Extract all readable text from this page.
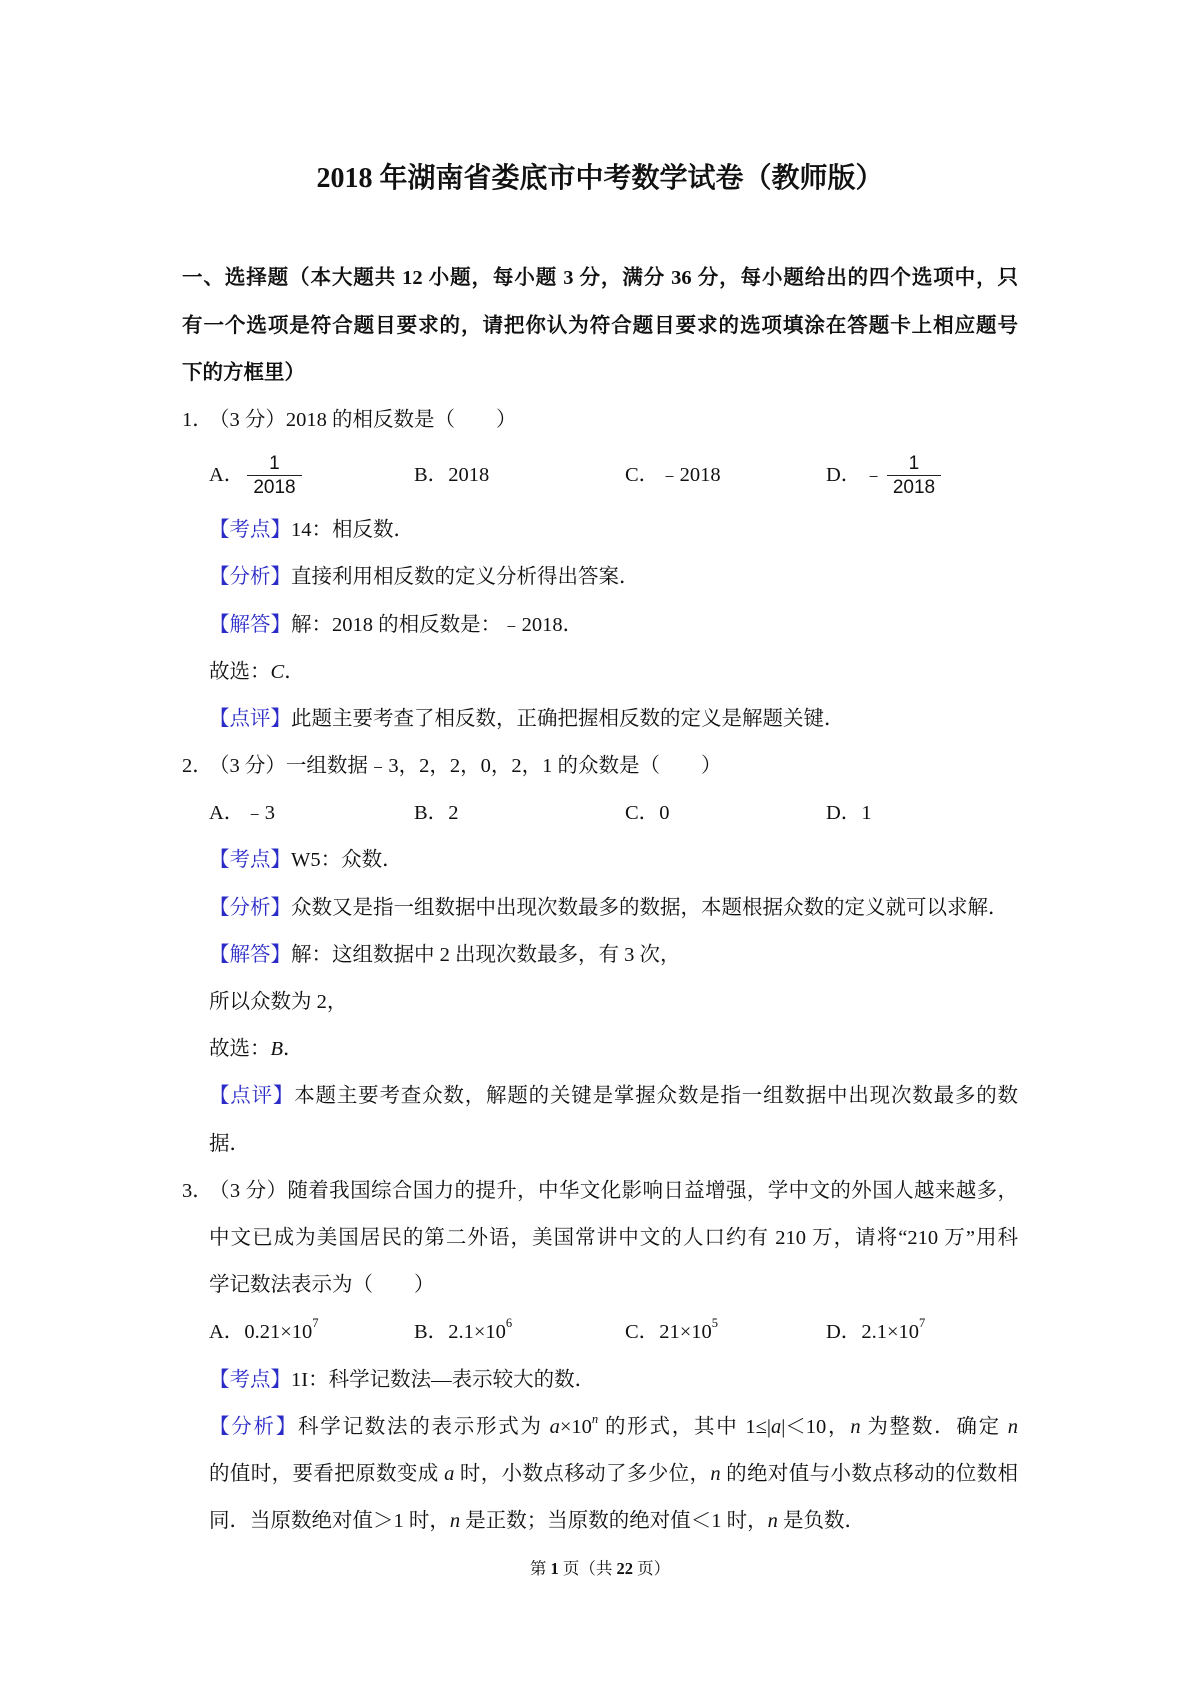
2018 年湖南省娄底市中考数学试卷（教师版）
一、选择题（本大题共 12 小题，每小题 3 分，满分 36 分，每小题给出的四个选项中，只
有一个选项是符合题目要求的，请把你认为符合题目要求的选项填涂在答题卡上相应题号
下的方框里）
1．
（3 分）2018 的相反数是（　　）
A． $\frac{1}{2018}$	B． 2018	C． ﹣2018	D． ﹣ $\frac{1}{2018}$
【考点】14：相反数．
【分析】直接利用相反数的定义分析得出答案．
【解答】解：2018 的相反数是：﹣2018．
故选：C．
【点评】此题主要考查了相反数，正确把握相反数的定义是解题关键．
2．
（3 分）一组数据﹣3，2，2，0，2，1 的众数是（　　）
A． ﹣3	B． 2	C． 0	D． 1
【考点】W5：众数．
【分析】众数又是指一组数据中出现次数最多的数据，本题根据众数的定义就可以求解．
【解答】解：这组数据中 2 出现次数最多，有 3 次，
所以众数为 2，
故选：B．
【点评】本题主要考查众数，解题的关键是掌握众数是指一组数据中出现次数最多的数
据．
3．
（3 分）随着我国综合国力的提升，中华文化影响日益增强，学中文的外国人越来越多，
中文已成为美国居民的第二外语，美国常讲中文的人口约有 210 万，请将“210 万”用科
学记数法表示为（　　）
A． $0.21\times 10^7$	B． $2.1\times 10^6$	C． $21\times 10^5$	D． $2.1\times 10^7$
【考点】1I：科学记数法—表示较大的数．
【分析】科学记数法的表示形式为 $a\times 10^n$ 的形式，其中 1≤|a|＜10，n 为整数．确定 n
的值时，要看把原数变成 a 时，小数点移动了多少位，n 的绝对值与小数点移动的位数相
同．当原数绝对值＞1 时，n 是正数；当原数的绝对值＜1 时，n 是负数．
第 1 页（共 22 页）
